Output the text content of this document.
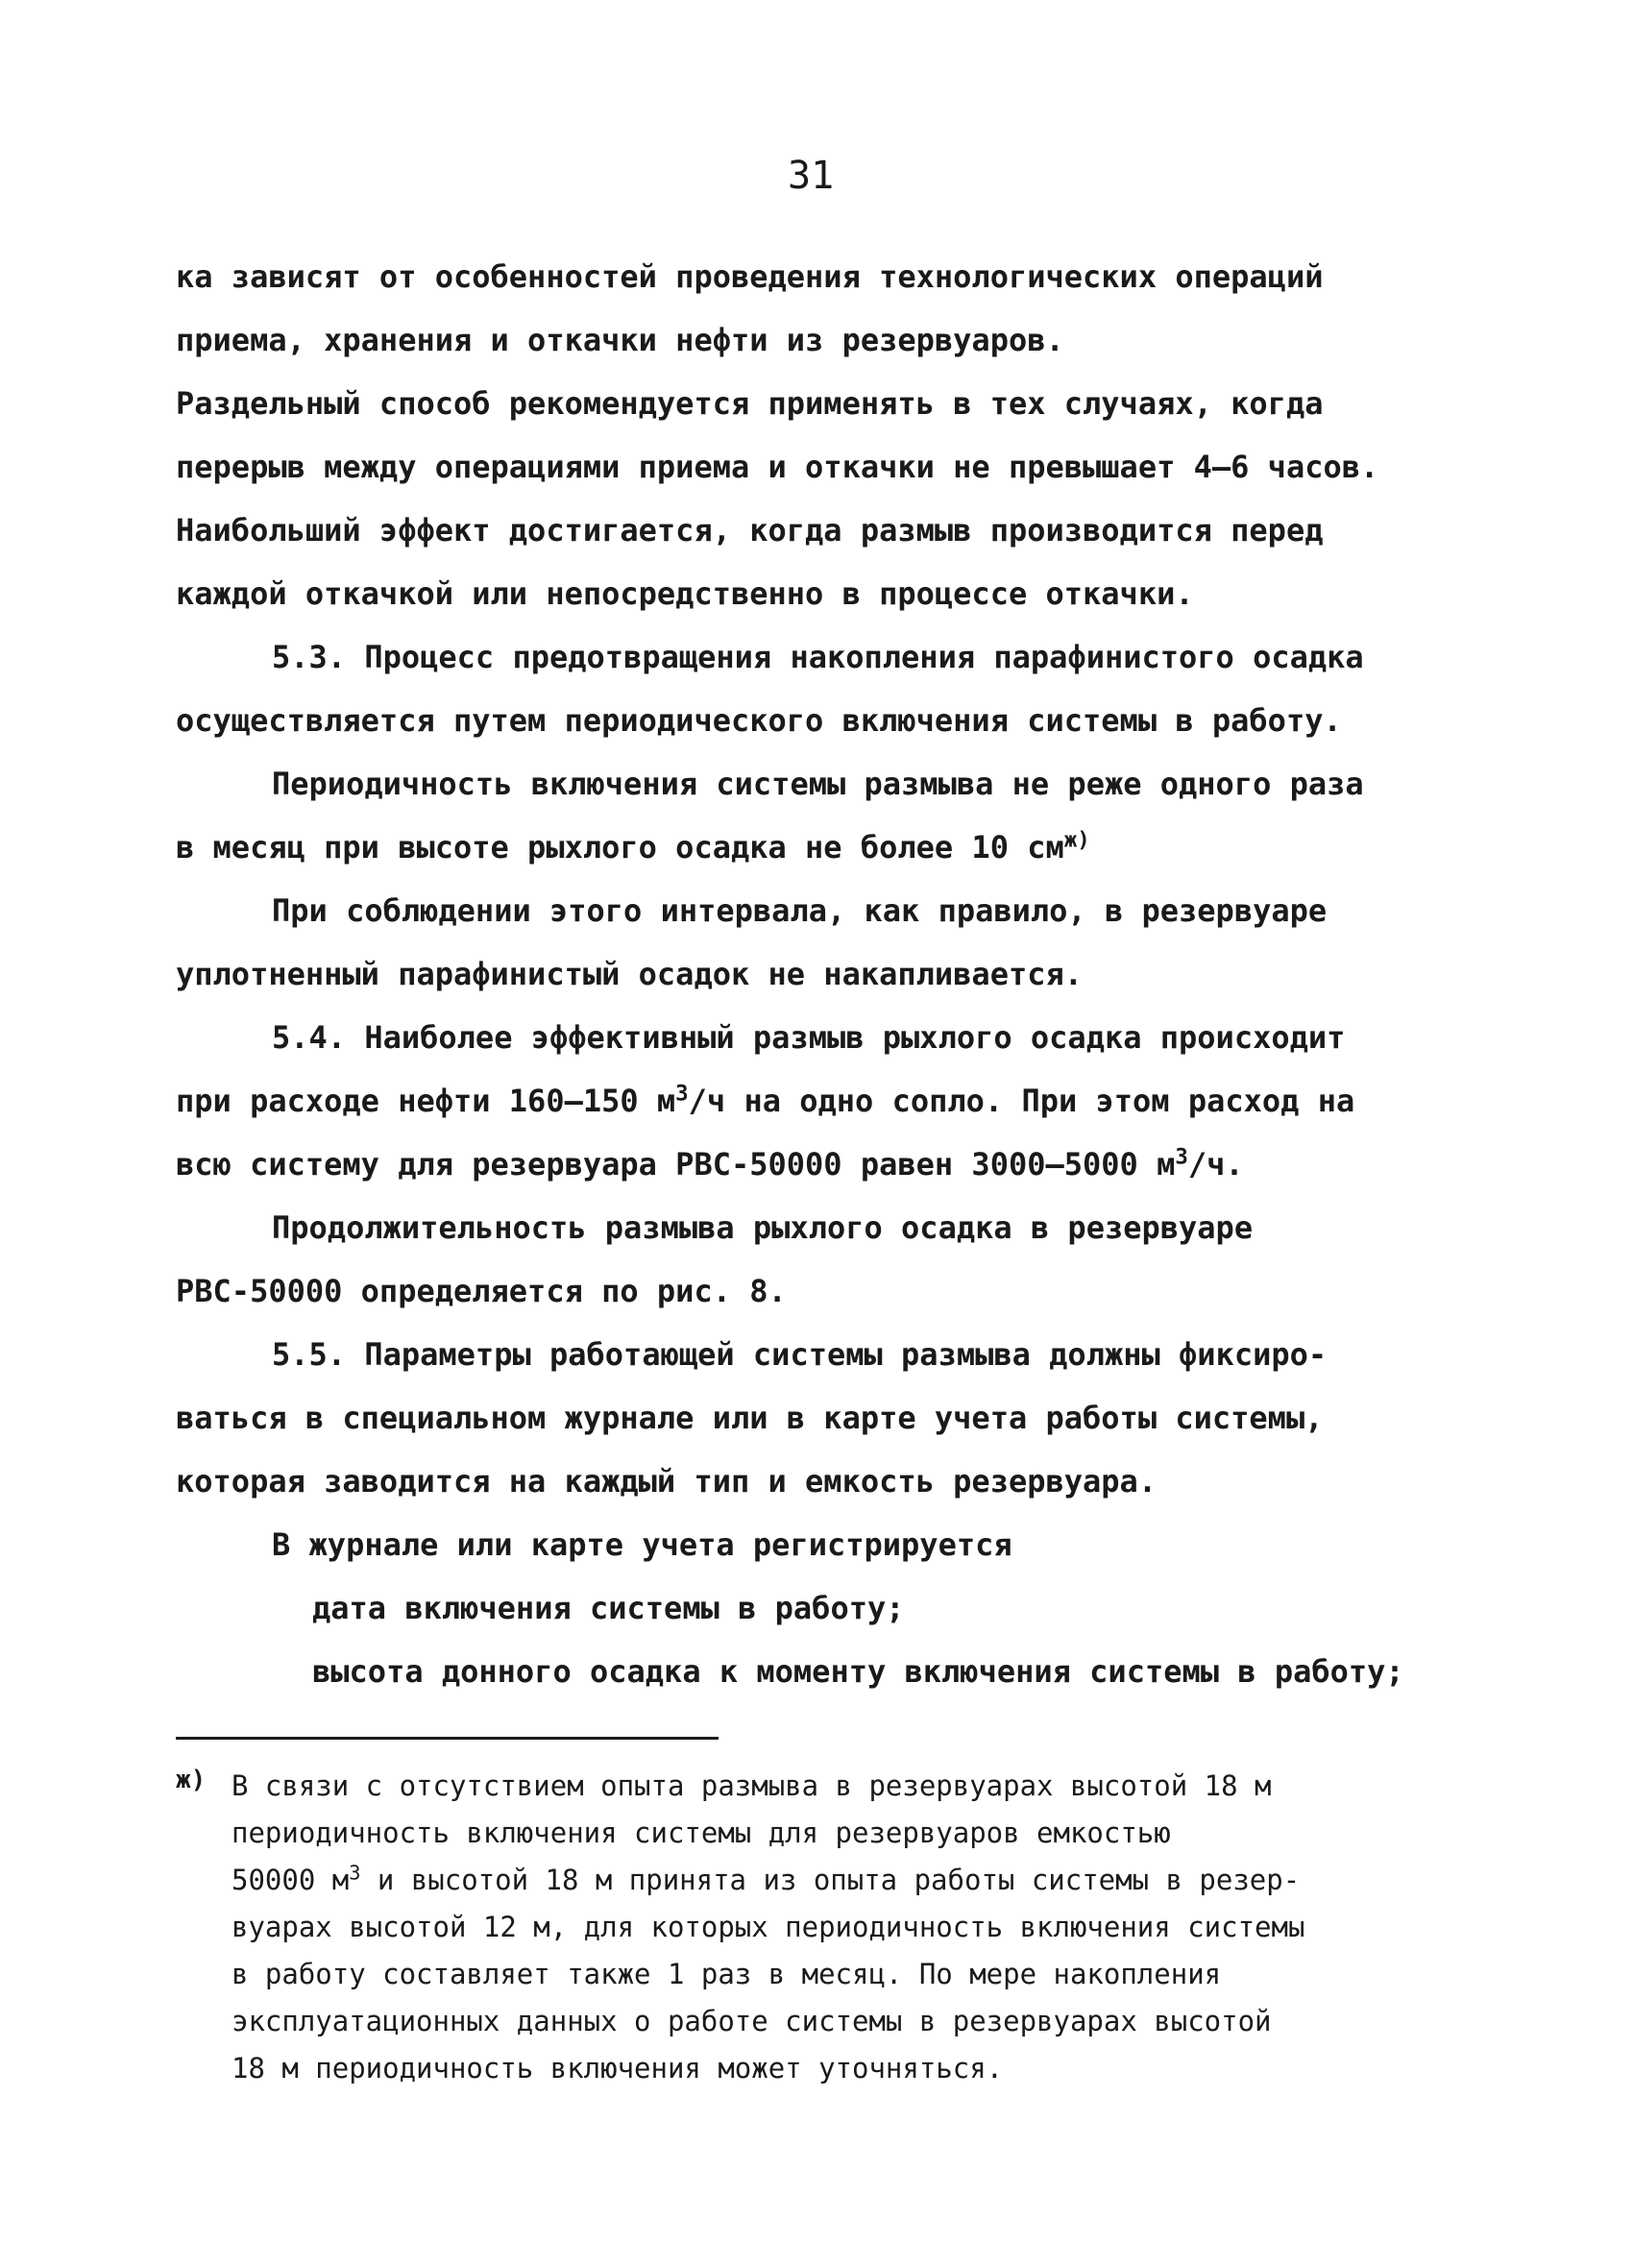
31
ка зависят от особенностей проведения технологических операций
приема, хранения и откачки нефти из резервуаров.
Раздельный способ рекомендуется применять в тех случаях, когда
перерыв между операциями приема и откачки не превышает 4–6 часов.
Наибольший эффект достигается, когда размыв производится перед
каждой откачкой или непосредственно в процессе откачки.
5.3. Процесс предотвращения накопления парафинистого осадка
осуществляется путем периодического включения системы в работу.
Периодичность включения системы размыва не реже одного раза
в месяц при высоте рыхлого осадка не более 10 $см^{ж)}$
При соблюдении этого интервала, как правило, в резервуаре
уплотненный парафинистый осадок не накапливается.
5.4. Наиболее эффективный размыв рыхлого осадка происходит
при расходе нефти 160–150 $м^3/ч$ на одно сопло. При этом расход на
всю систему для резервуара РВС-50000 равен 3000–5000 $м^3/ч$.
Продолжительность размыва рыхлого осадка в резервуаре
РВС-50000 определяется по рис. 8.
5.5. Параметры работающей системы размыва должны фиксиро-
ваться в специальном журнале или в карте учета работы системы,
которая заводится на каждый тип и емкость резервуара.
В журнале или карте учета регистрируется
дата включения системы в работу;
высота донного осадка к моменту включения системы в работу;
ж) В связи с отсутствием опыта размыва в резервуарах высотой 18 м
периодичность включения системы для резервуаров емкостью
50000 $м^3$ и высотой 18 м принята из опыта работы системы в резер-
вуарах высотой 12 м, для которых периодичность включения системы
в работу составляет также 1 раз в месяц. По мере накопления
эксплуатационных данных о работе системы в резервуарах высотой
18 м периодичность включения может уточняться.
